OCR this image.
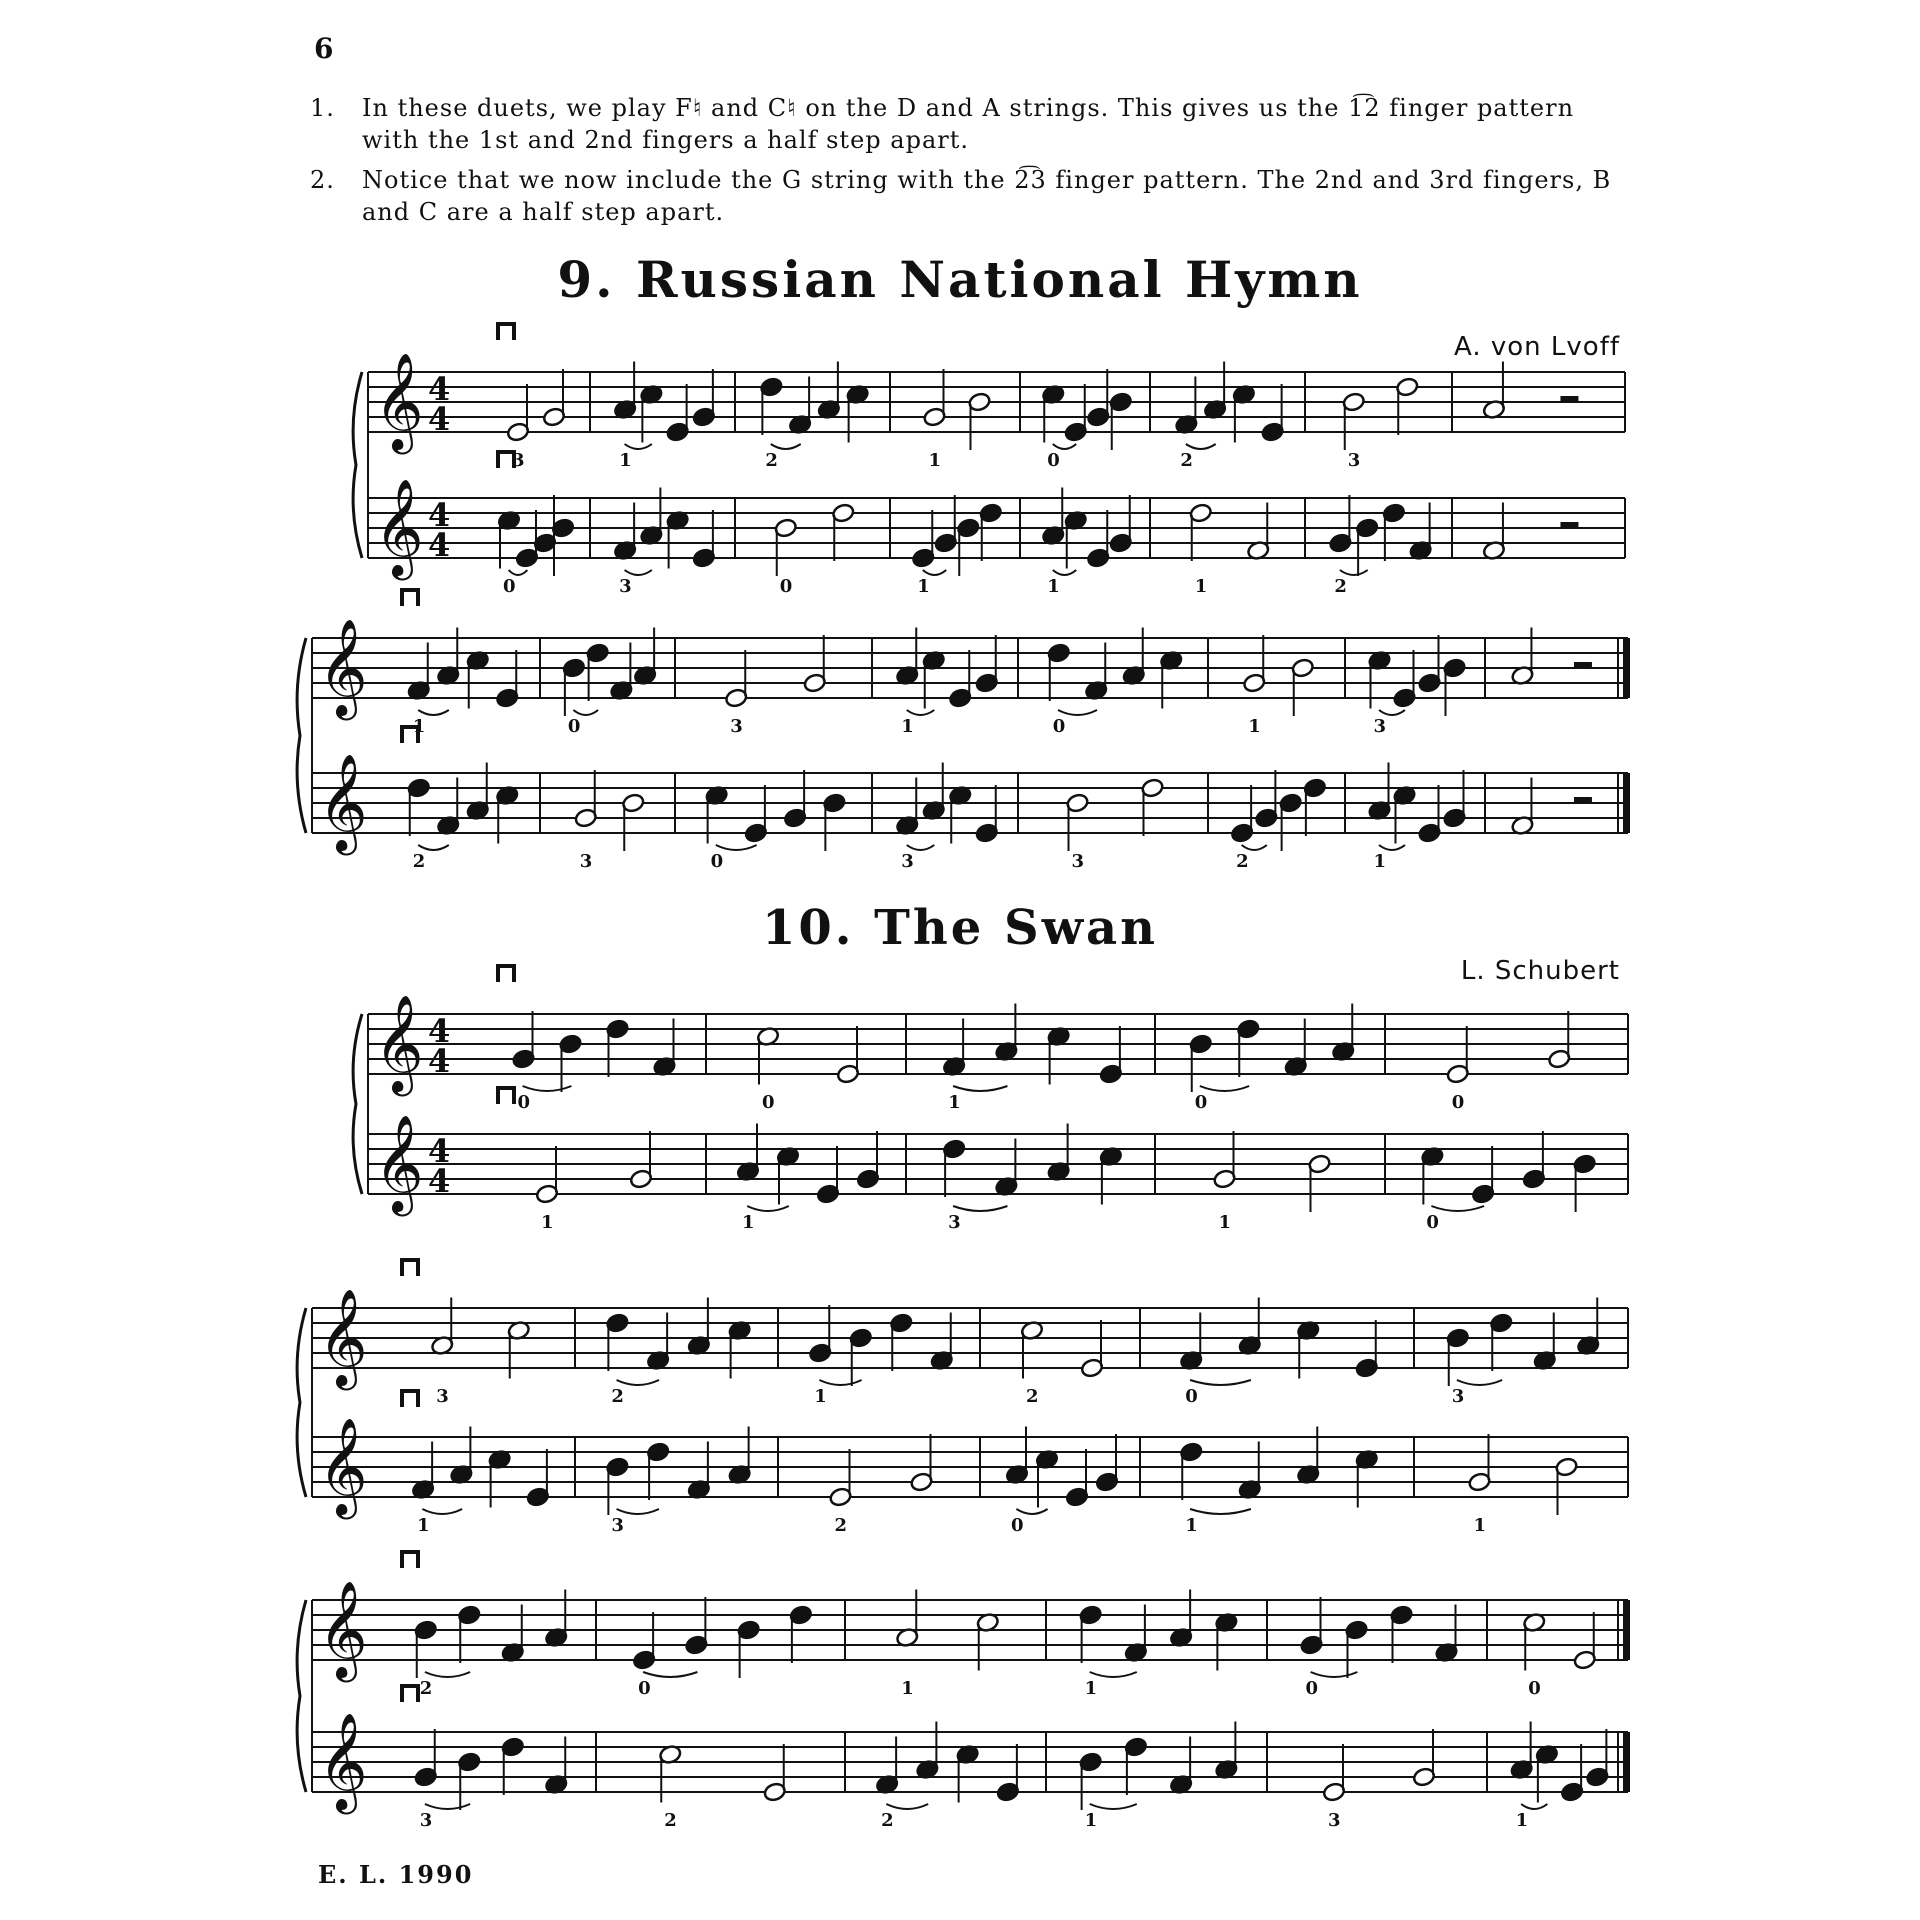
6
1.	In these duets, we play F♮ and C♮ on the D and A strings. This gives us the 1͡2 finger pattern with the 1st and 2nd fingers a half step apart.
2.	Notice that we now include the G string with the 2͡3 finger pattern. The 2nd and 3rd fingers, B and C are a half step apart.
9. Russian National Hymn
A. von Lvoff
10. The Swan
L. Schubert
𝄞
𝄞
4
4
4
4
3
0
1
3
2
0
1
1
0
1
2
1
3
2
𝄞
𝄞
1
2
0
3
3
0
1
3
0
3
1
2
3
1
𝄞
𝄞
4
4
4
4
0
1
0
1
1
3
0
1
0
0
𝄞
𝄞
3
1
2
3
1
2
2
0
0
1
3
1
𝄞
𝄞
2
3
0
2
1
2
1
1
0
3
0
1
E. L. 1990
